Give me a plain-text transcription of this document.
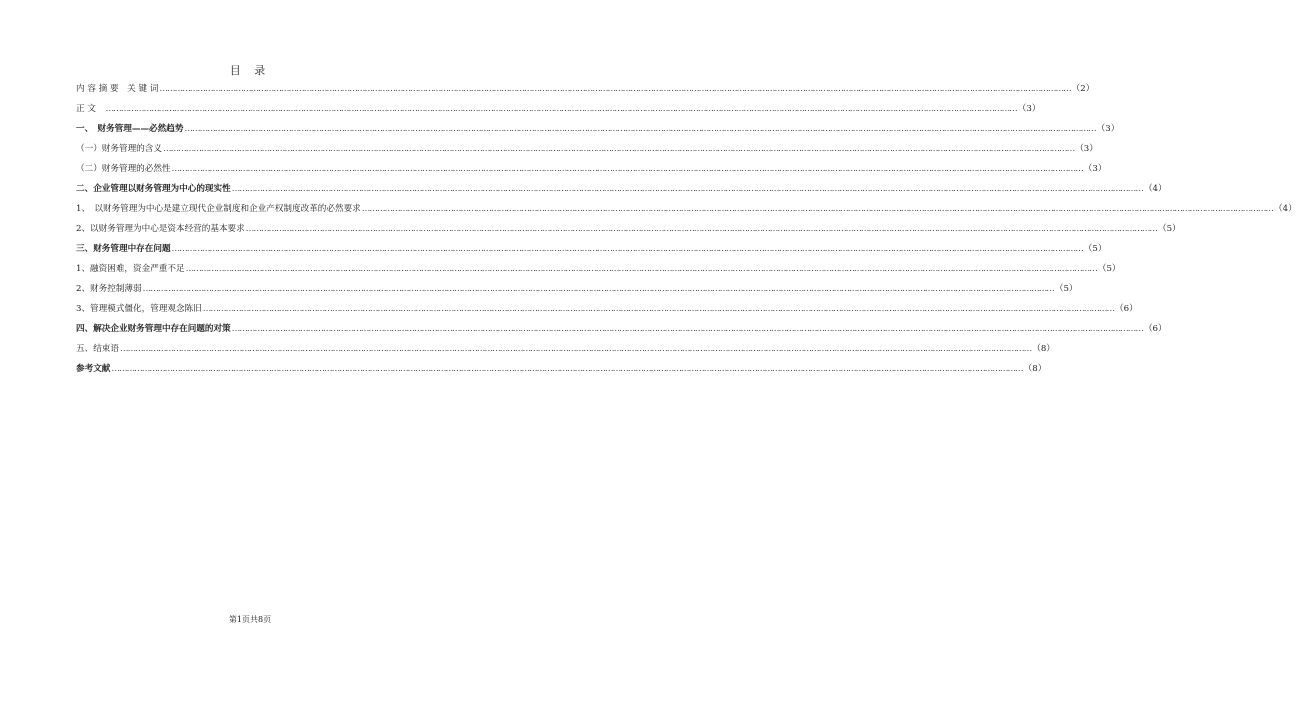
目 录
内 容 摘 要　关 键 词 ……………………………………………………………………………………………………………………………………………………………………………………………………………………………………………………………………………………………………………………………… （2）
正 文　 ……………………………………………………………………………………………………………………………………………………………………………………………………………………………………………………………………………………………………………………………… （3）
一、　财务管理——必然趋势 ……………………………………………………………………………………………………………………………………………………………………………………………………………………………………………………………………………………………………………………………… （3）
（一）财务管理的含义 ……………………………………………………………………………………………………………………………………………………………………………………………………………………………………………………………………………………………………………………………… （3）
（二）财务管理的必然性 ……………………………………………………………………………………………………………………………………………………………………………………………………………………………………………………………………………………………………………………………… （3）
二、企业管理以财务管理为中心的现实性 ……………………………………………………………………………………………………………………………………………………………………………………………………………………………………………………………………………………………………………………………… （4）
1、　以财务管理为中心是建立现代企业制度和企业产权制度改革的必然要求 ……………………………………………………………………………………………………………………………………………………………………………………………………………………………………………………………………………………………………………………………… （4）
2、以财务管理为中心是资本经营的基本要求 ……………………………………………………………………………………………………………………………………………………………………………………………………………………………………………………………………………………………………………………………… （5）
三、财务管理中存在问题 ……………………………………………………………………………………………………………………………………………………………………………………………………………………………………………………………………………………………………………………………… （5）
1、融资困难，资金严重不足 ……………………………………………………………………………………………………………………………………………………………………………………………………………………………………………………………………………………………………………………………… （5）
2、财务控制薄弱 ……………………………………………………………………………………………………………………………………………………………………………………………………………………………………………………………………………………………………………………………… （5）
3、管理模式僵化，管理观念陈旧 ……………………………………………………………………………………………………………………………………………………………………………………………………………………………………………………………………………………………………………………………… （6）
四、解决企业财务管理中存在问题的对策 ……………………………………………………………………………………………………………………………………………………………………………………………………………………………………………………………………………………………………………………………… （6）
五、结束语 ……………………………………………………………………………………………………………………………………………………………………………………………………………………………………………………………………………………………………………………………… （8）
参考文献 ……………………………………………………………………………………………………………………………………………………………………………………………………………………………………………………………………………………………………………………………… （8）
第1页共8页
